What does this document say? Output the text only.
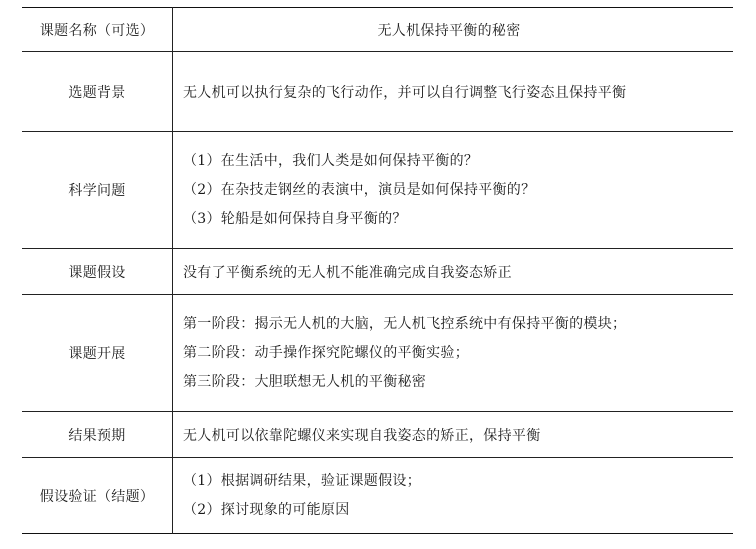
课题名称（可选）	无人机保持平衡的秘密

选题背景	无人机可以执行复杂的飞行动作，并可以自行调整飞行姿态且保持平衡

科学问题	（1）在生活中，我们人类是如何保持平衡的？
（2）在杂技走钢丝的表演中，演员是如何保持平衡的？
（3）轮船是如何保持自身平衡的？

课题假设	没有了平衡系统的无人机不能准确完成自我姿态矫正

课题开展	第一阶段：揭示无人机的大脑，无人机飞控系统中有保持平衡的模块；
第二阶段：动手操作探究陀螺仪的平衡实验；
第三阶段：大胆联想无人机的平衡秘密

结果预期	无人机可以依靠陀螺仪来实现自我姿态的矫正，保持平衡

假设验证（结题）	（1）根据调研结果，验证课题假设；
（2）探讨现象的可能原因
